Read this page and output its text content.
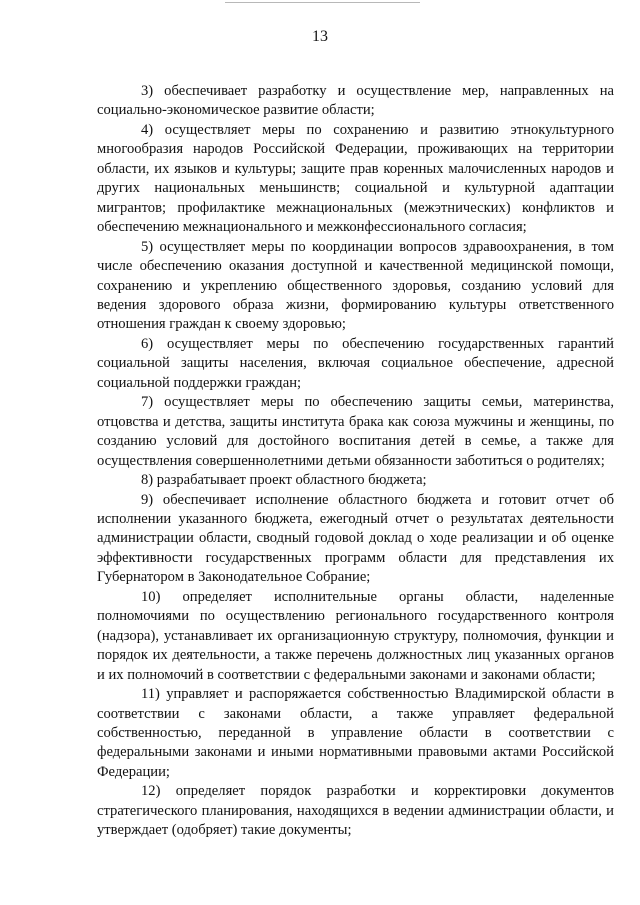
13

3) обеспечивает разработку и осуществление мер, направленных на социально-экономическое развитие области;

4) осуществляет меры по сохранению и развитию этнокультурного многообразия народов Российской Федерации, проживающих на территории области, их языков и культуры; защите прав коренных малочисленных народов и других национальных меньшинств; социальной и культурной адаптации мигрантов; профилактике межнациональных (межэтнических) конфликтов и обеспечению межнационального и межконфессионального согласия;

5) осуществляет меры по координации вопросов здравоохранения, в том числе обеспечению оказания доступной и качественной медицинской помощи, сохранению и укреплению общественного здоровья, созданию условий для ведения здорового образа жизни, формированию культуры ответственного отношения граждан к своему здоровью;

6) осуществляет меры по обеспечению государственных гарантий социальной защиты населения, включая социальное обеспечение, адресной социальной поддержки граждан;

7) осуществляет меры по обеспечению защиты семьи, материнства, отцовства и детства, защиты института брака как союза мужчины и женщины, по созданию условий для достойного воспитания детей в семье, а также для осуществления совершеннолетними детьми обязанности заботиться о родителях;

8) разрабатывает проект областного бюджета;

9) обеспечивает исполнение областного бюджета и готовит отчет об исполнении указанного бюджета, ежегодный отчет о результатах деятельности администрации области, сводный годовой доклад о ходе реализации и об оценке эффективности государственных программ области для представления их Губернатором в Законодательное Собрание;

10) определяет исполнительные органы области, наделенные полномочиями по осуществлению регионального государственного контроля (надзора), устанавливает их организационную структуру, полномочия, функции и порядок их деятельности, а также перечень должностных лиц указанных органов и их полномочий в соответствии с федеральными законами и законами области;

11) управляет и распоряжается собственностью Владимирской области в соответствии с законами области, а также управляет федеральной собственностью, переданной в управление области в соответствии с федеральными законами и иными нормативными правовыми актами Российской Федерации;

12) определяет порядок разработки и корректировки документов стратегического планирования, находящихся в ведении администрации области, и утверждает (одобряет) такие документы;
